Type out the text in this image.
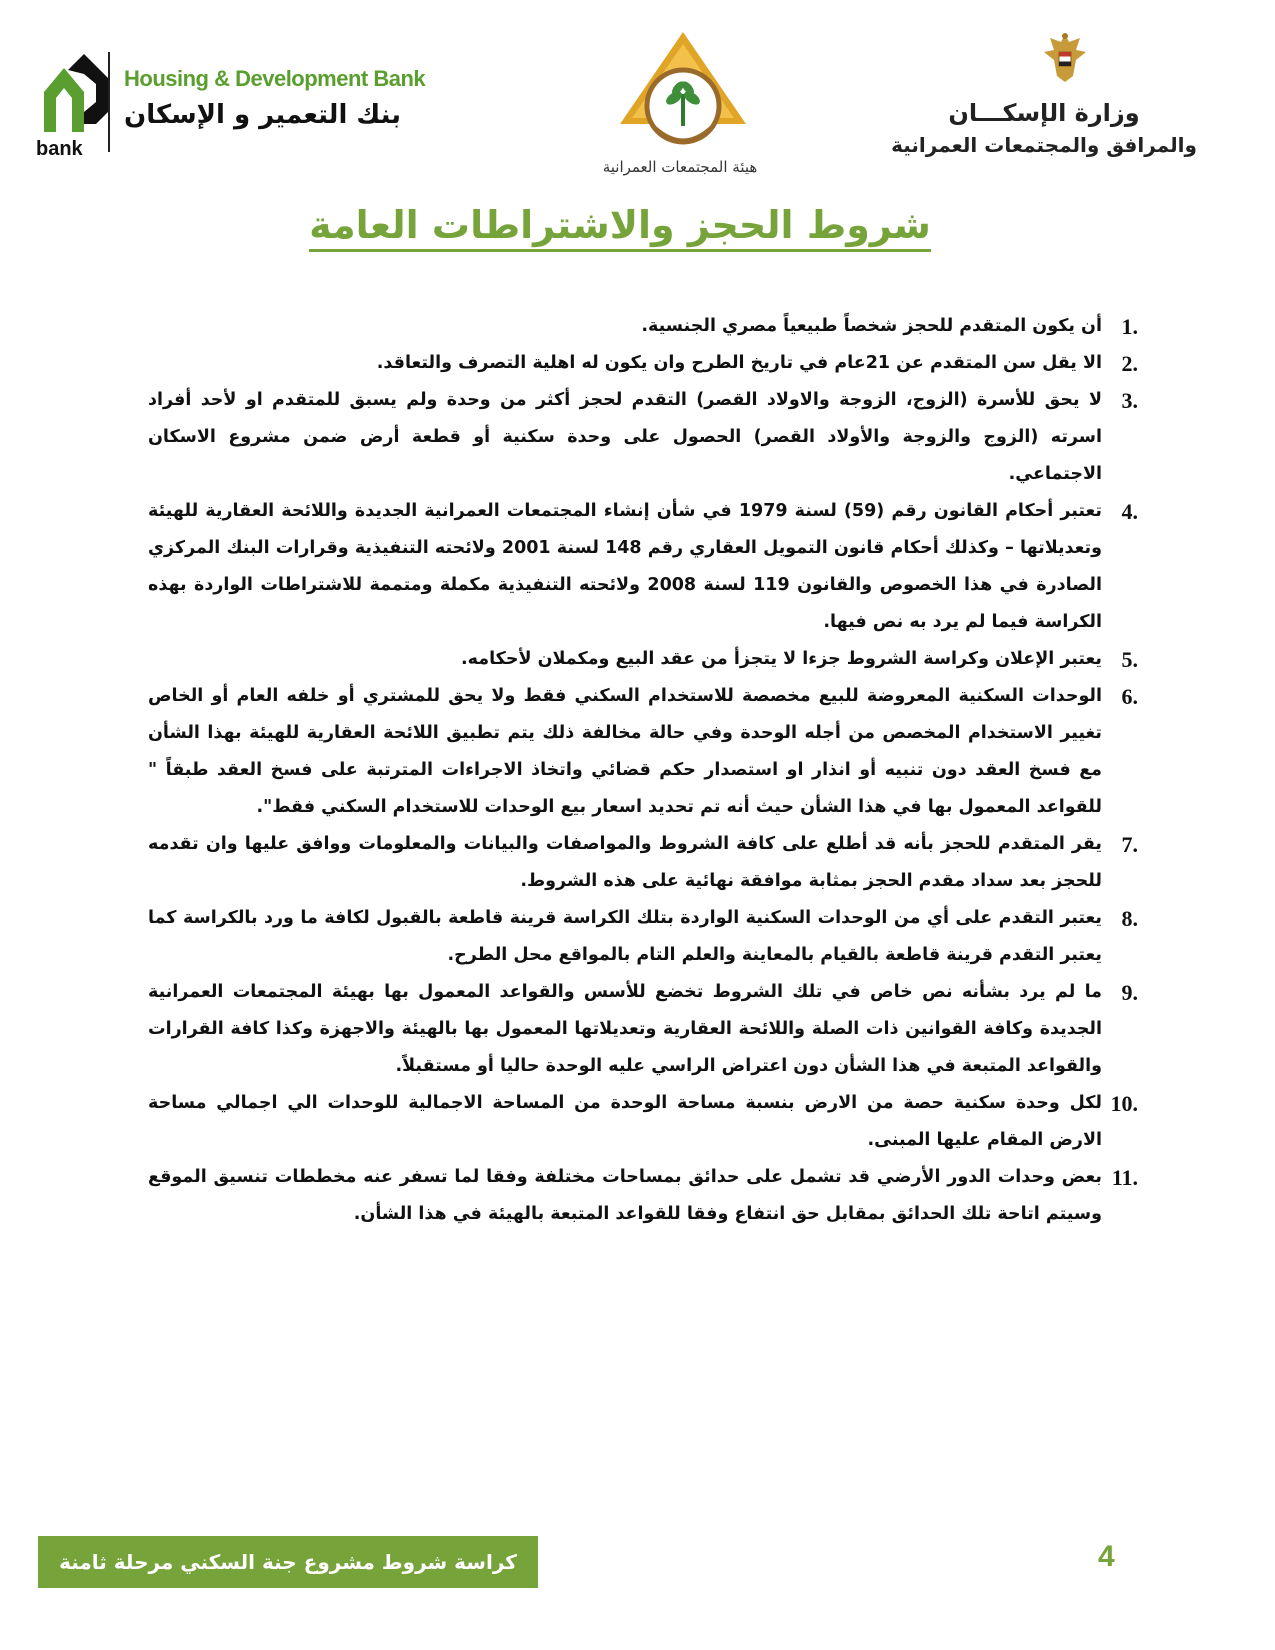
bank
Housing & Development Bank
بنك التعمير و الإسكان
هيئة المجتمعات العمرانية
وزارة الإسكـــان
والمرافق والمجتمعات العمرانية
شروط الحجز والاشتراطات العامة
1.
أن يكون المتقدم للحجز شخصاً طبيعياً مصري الجنسية.
2.
الا يقل سن المتقدم عن 21عام في تاريخ الطرح وان يكون له اهلية التصرف والتعاقد.
3.
لا يحق للأسرة (الزوج، الزوجة والاولاد القصر) التقدم لحجز أكثر من وحدة ولم يسبق للمتقدم او لأحد أفراد اسرته (الزوج والزوجة والأولاد القصر) الحصول على وحدة سكنية أو قطعة أرض ضمن مشروع الاسكان الاجتماعي.
4.
تعتبر أحكام القانون رقم (59) لسنة 1979 في شأن إنشاء المجتمعات العمرانية الجديدة واللائحة العقارية للهيئة وتعديلاتها – وكذلك أحكام قانون التمويل العقاري رقم 148 لسنة 2001 ولائحته التنفيذية وقرارات البنك المركزي الصادرة في هذا الخصوص والقانون 119 لسنة 2008 ولائحته التنفيذية مكملة ومتممة للاشتراطات الواردة بهذه الكراسة فيما لم يرد به نص فيها.
5.
يعتبر الإعلان وكراسة الشروط جزءا لا يتجزأ من عقد البيع ومكملان لأحكامه.
6.
الوحدات السكنية المعروضة للبيع مخصصة للاستخدام السكني فقط ولا يحق للمشتري أو خلفه العام أو الخاص تغيير الاستخدام المخصص من أجله الوحدة وفي حالة مخالفة ذلك يتم تطبيق اللائحة العقارية للهيئة بهذا الشأن مع فسخ العقد دون تنبيه أو انذار او استصدار حكم قضائي واتخاذ الاجراءات المترتبة على فسخ العقد طبقاً " للقواعد المعمول بها في هذا الشأن حيث أنه تم تحديد اسعار بيع الوحدات للاستخدام السكني فقط".
7.
يقر المتقدم للحجز بأنه قد أطلع على كافة الشروط والمواصفات والبيانات والمعلومات ووافق عليها وان تقدمه للحجز بعد سداد مقدم الحجز بمثابة موافقة نهائية على هذه الشروط.
8.
يعتبر التقدم على أي من الوحدات السكنية الواردة بتلك الكراسة قرينة قاطعة بالقبول لكافة ما ورد بالكراسة كما يعتبر التقدم قرينة قاطعة بالقيام بالمعاينة والعلم التام بالمواقع محل الطرح.
9.
ما لم يرد بشأنه نص خاص في تلك الشروط تخضع للأسس والقواعد المعمول بها بهيئة المجتمعات العمرانية الجديدة وكافة القوانين ذات الصلة واللائحة العقارية وتعديلاتها المعمول بها بالهيئة والاجهزة وكذا كافة القرارات والقواعد المتبعة في هذا الشأن دون اعتراض الراسي عليه الوحدة حاليا أو مستقبلاً.
10.
لكل وحدة سكنية حصة من الارض بنسبة مساحة الوحدة من المساحة الاجمالية للوحدات الي اجمالي مساحة الارض المقام عليها المبنى.
11.
بعض وحدات الدور الأرضي قد تشمل على حدائق بمساحات مختلفة وفقا لما تسفر عنه مخططات تنسيق الموقع وسيتم اتاحة تلك الحدائق بمقابل حق انتفاع وفقا للقواعد المتبعة بالهيئة في هذا الشأن.
كراسة شروط مشروع جنة السكني مرحلة ثامنة	4
